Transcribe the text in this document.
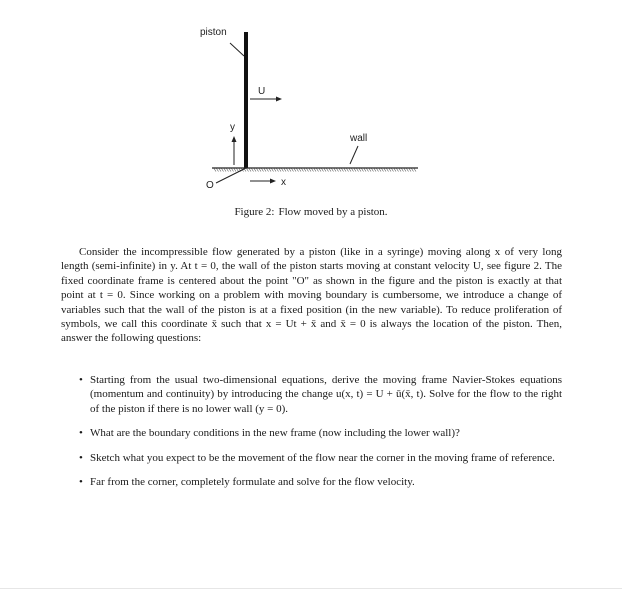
piston
U
y
wall
O	x
Figure 2: Flow moved by a piston.

Consider the incompressible flow generated by a piston (like in a syringe) moving along x of very long length (semi-infinite) in y. At t = 0, the wall of the piston starts moving at constant velocity U, see figure 2. The fixed coordinate frame is centered about the point "O" as shown in the figure and the piston is exactly at that point at t = 0. Since working on a problem with moving boundary is cumbersome, we introduce a change of variables such that the wall of the piston is at a fixed position (in the new variable). To reduce proliferation of symbols, we call this coordinate x̄ such that x = Ut + x̄ and x̄ = 0 is always the location of the piston. Then, answer the following questions:

• Starting from the usual two-dimensional equations, derive the moving frame Navier-Stokes equations (momentum and continuity) by introducing the change u(x, t) = U + ū(x̄, t). Solve for the flow to the right of the piston if there is no lower wall (y = 0).
• What are the boundary conditions in the new frame (now including the lower wall)?
• Sketch what you expect to be the movement of the flow near the corner in the moving frame of reference.
• Far from the corner, completely formulate and solve for the flow velocity.
